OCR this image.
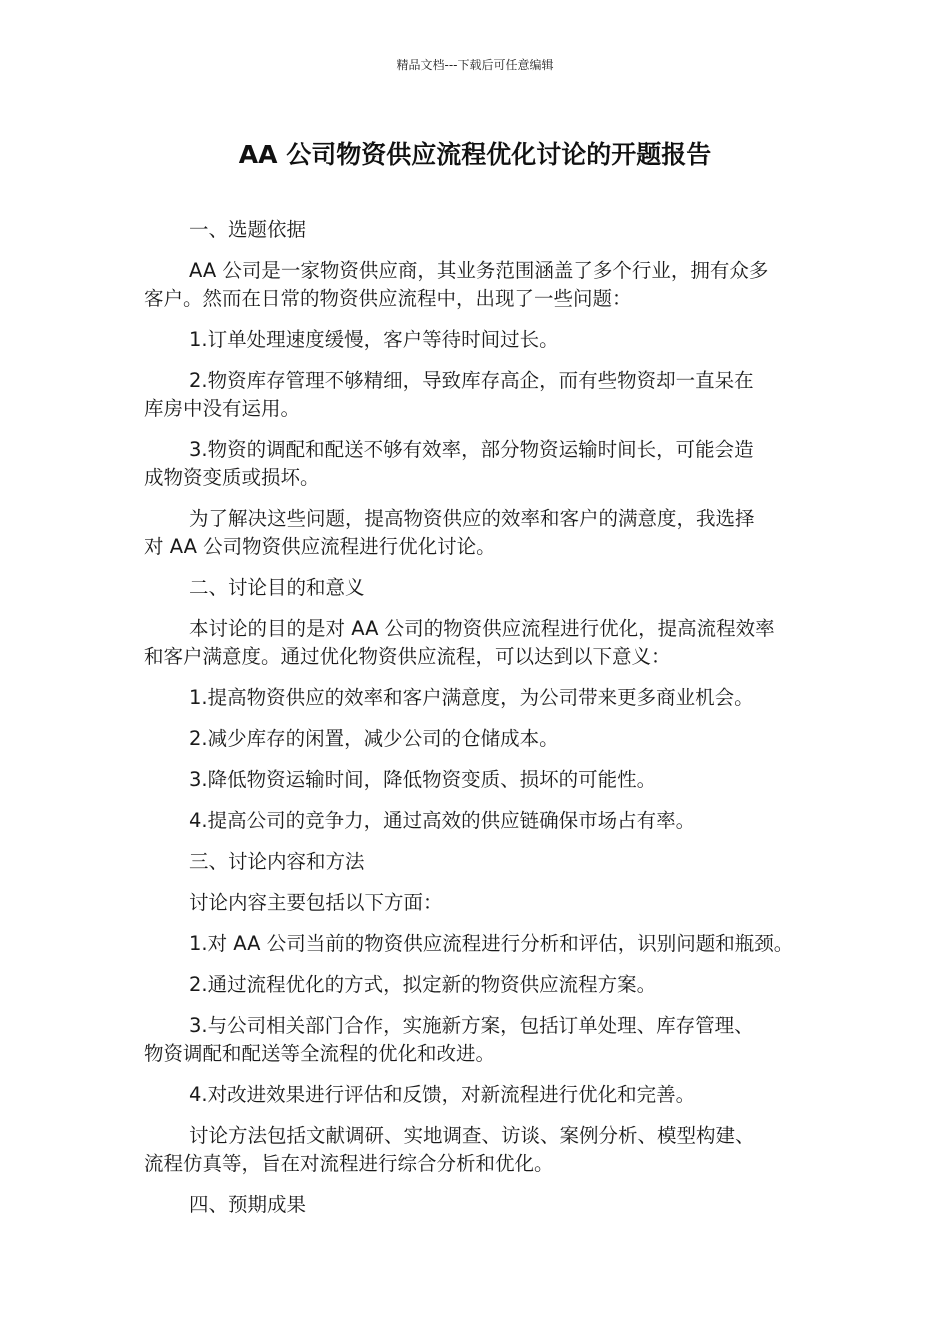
精品文档---下载后可任意编辑
AA 公司物资供应流程优化讨论的开题报告

一、选题依据

AA 公司是一家物资供应商，其业务范围涵盖了多个行业，拥有众多
客户。然而在日常的物资供应流程中，出现了一些问题：

1.订单处理速度缓慢，客户等待时间过长。

2.物资库存管理不够精细，导致库存高企，而有些物资却一直呆在
库房中没有运用。

3.物资的调配和配送不够有效率，部分物资运输时间长，可能会造
成物资变质或损坏。

为了解决这些问题，提高物资供应的效率和客户的满意度，我选择
对 AA 公司物资供应流程进行优化讨论。

二、讨论目的和意义

本讨论的目的是对 AA 公司的物资供应流程进行优化，提高流程效率
和客户满意度。通过优化物资供应流程，可以达到以下意义：

1.提高物资供应的效率和客户满意度，为公司带来更多商业机会。

2.减少库存的闲置，减少公司的仓储成本。

3.降低物资运输时间，降低物资变质、损坏的可能性。

4.提高公司的竞争力，通过高效的供应链确保市场占有率。

三、讨论内容和方法

讨论内容主要包括以下方面：

1.对 AA 公司当前的物资供应流程进行分析和评估，识别问题和瓶颈。

2.通过流程优化的方式，拟定新的物资供应流程方案。

3.与公司相关部门合作，实施新方案，包括订单处理、库存管理、
物资调配和配送等全流程的优化和改进。

4.对改进效果进行评估和反馈，对新流程进行优化和完善。

讨论方法包括文献调研、实地调查、访谈、案例分析、模型构建、
流程仿真等，旨在对流程进行综合分析和优化。

四、预期成果
